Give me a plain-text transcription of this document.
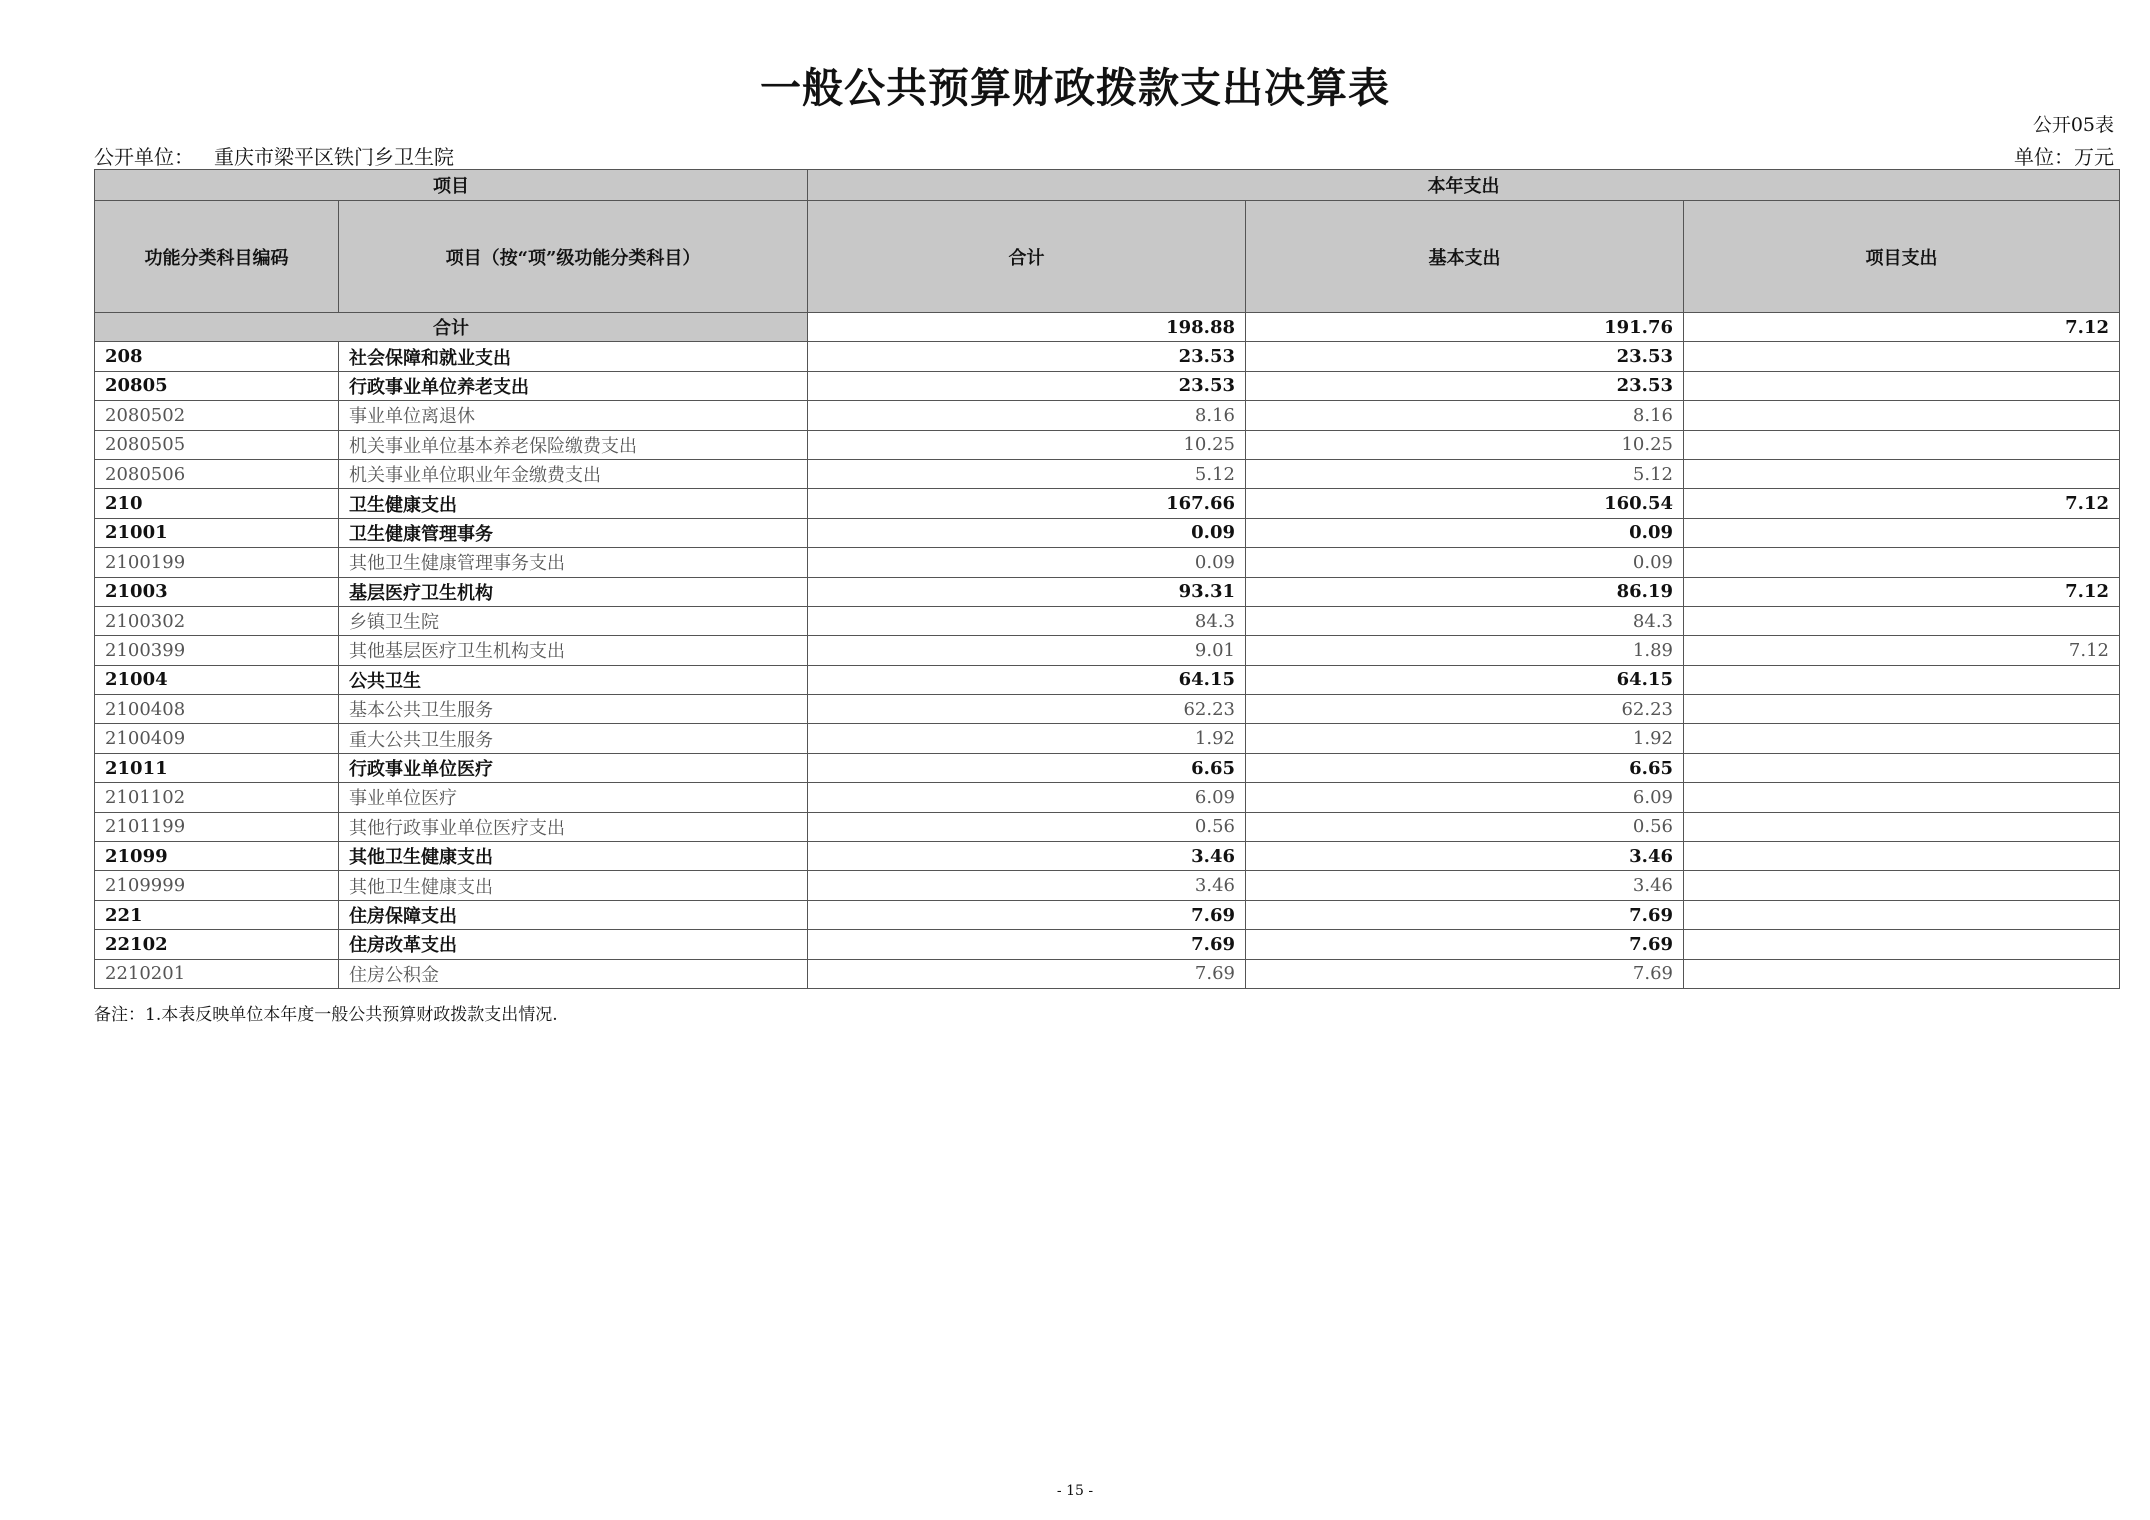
一般公共预算财政拨款支出决算表
公开05表
公开单位： 重庆市梁平区铁门乡卫生院	单位：万元
项目		本年支出		
功能分类科目编码	项目（按“项”级功能分类科目）	合计	基本支出	项目支出
合计		198.88	191.76	7.12
208	社会保障和就业支出	23.53	23.53	
20805	行政事业单位养老支出	23.53	23.53	
2080502	事业单位离退休	8.16	8.16	
2080505	机关事业单位基本养老保险缴费支出	10.25	10.25	
2080506	机关事业单位职业年金缴费支出	5.12	5.12	
210	卫生健康支出	167.66	160.54	7.12
21001	卫生健康管理事务	0.09	0.09	
2100199	其他卫生健康管理事务支出	0.09	0.09	
21003	基层医疗卫生机构	93.31	86.19	7.12
2100302	乡镇卫生院	84.3	84.3	
2100399	其他基层医疗卫生机构支出	9.01	1.89	7.12
21004	公共卫生	64.15	64.15	
2100408	基本公共卫生服务	62.23	62.23	
2100409	重大公共卫生服务	1.92	1.92	
21011	行政事业单位医疗	6.65	6.65	
2101102	事业单位医疗	6.09	6.09	
2101199	其他行政事业单位医疗支出	0.56	0.56	
21099	其他卫生健康支出	3.46	3.46	
2109999	其他卫生健康支出	3.46	3.46	
221	住房保障支出	7.69	7.69	
22102	住房改革支出	7.69	7.69	
2210201	住房公积金	7.69	7.69	
备注：1.本表反映单位本年度一般公共预算财政拨款支出情况.
- 15 -
